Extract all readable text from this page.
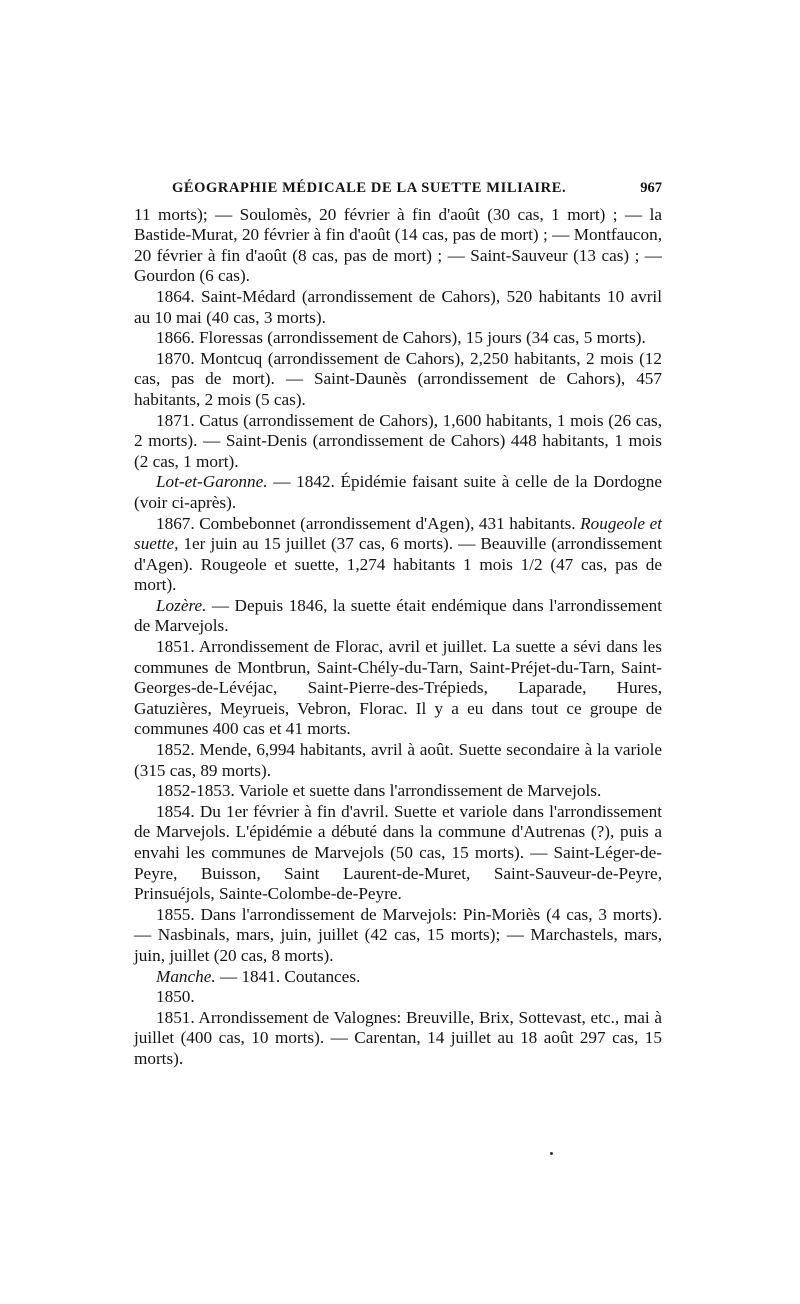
GÉOGRAPHIE MÉDICALE DE LA SUETTE MILIAIRE.	967

11 morts); — Soulomès, 20 février à fin d'août (30 cas, 1 mort) ; — la Bastide-Murat, 20 février à fin d'août (14 cas, pas de mort) ; — Montfaucon, 20 février à fin d'août (8 cas, pas de mort) ; — Saint-Sauveur (13 cas) ; — Gourdon (6 cas).

1864. Saint-Médard (arrondissement de Cahors), 520 habitants 10 avril au 10 mai (40 cas, 3 morts).

1866. Floressas (arrondissement de Cahors), 15 jours (34 cas, 5 morts).

1870. Montcuq (arrondissement de Cahors), 2,250 habitants, 2 mois (12 cas, pas de mort). — Saint-Daunès (arrondissement de Cahors), 457 habitants, 2 mois (5 cas).

1871. Catus (arrondissement de Cahors), 1,600 habitants, 1 mois (26 cas, 2 morts). — Saint-Denis (arrondissement de Cahors) 448 habitants, 1 mois (2 cas, 1 mort).

Lot-et-Garonne. — 1842. Épidémie faisant suite à celle de la Dordogne (voir ci-après).

1867. Combebonnet (arrondissement d'Agen), 431 habitants. Rougeole et suette, 1er juin au 15 juillet (37 cas, 6 morts). — Beauville (arrondissement d'Agen). Rougeole et suette, 1,274 habitants 1 mois 1/2 (47 cas, pas de mort).

Lozère. — Depuis 1846, la suette était endémique dans l'arrondissement de Marvejols.

1851. Arrondissement de Florac, avril et juillet. La suette a sévi dans les communes de Montbrun, Saint-Chély-du-Tarn, Saint-Préjet-du-Tarn, Saint-Georges-de-Lévéjac, Saint-Pierre-des-Trépieds, Laparade, Hures, Gatuzières, Meyrueis, Vebron, Florac. Il y a eu dans tout ce groupe de communes 400 cas et 41 morts.

1852. Mende, 6,994 habitants, avril à août. Suette secondaire à la variole (315 cas, 89 morts).

1852-1853. Variole et suette dans l'arrondissement de Marvejols.

1854. Du 1er février à fin d'avril. Suette et variole dans l'arrondissement de Marvejols. L'épidémie a débuté dans la commune d'Autrenas (?), puis a envahi les communes de Marvejols (50 cas, 15 morts). — Saint-Léger-de-Peyre, Buisson, Saint Laurent-de-Muret, Saint-Sauveur-de-Peyre, Prinsuéjols, Sainte-Colombe-de-Peyre.

1855. Dans l'arrondissement de Marvejols: Pin-Moriès (4 cas, 3 morts). — Nasbinals, mars, juin, juillet (42 cas, 15 morts); — Marchastels, mars, juin, juillet (20 cas, 8 morts).

Manche. — 1841. Coutances.

1850.

1851. Arrondissement de Valognes: Breuville, Brix, Sottevast, etc., mai à juillet (400 cas, 10 morts). — Carentan, 14 juillet au 18 août 297 cas, 15 morts).
